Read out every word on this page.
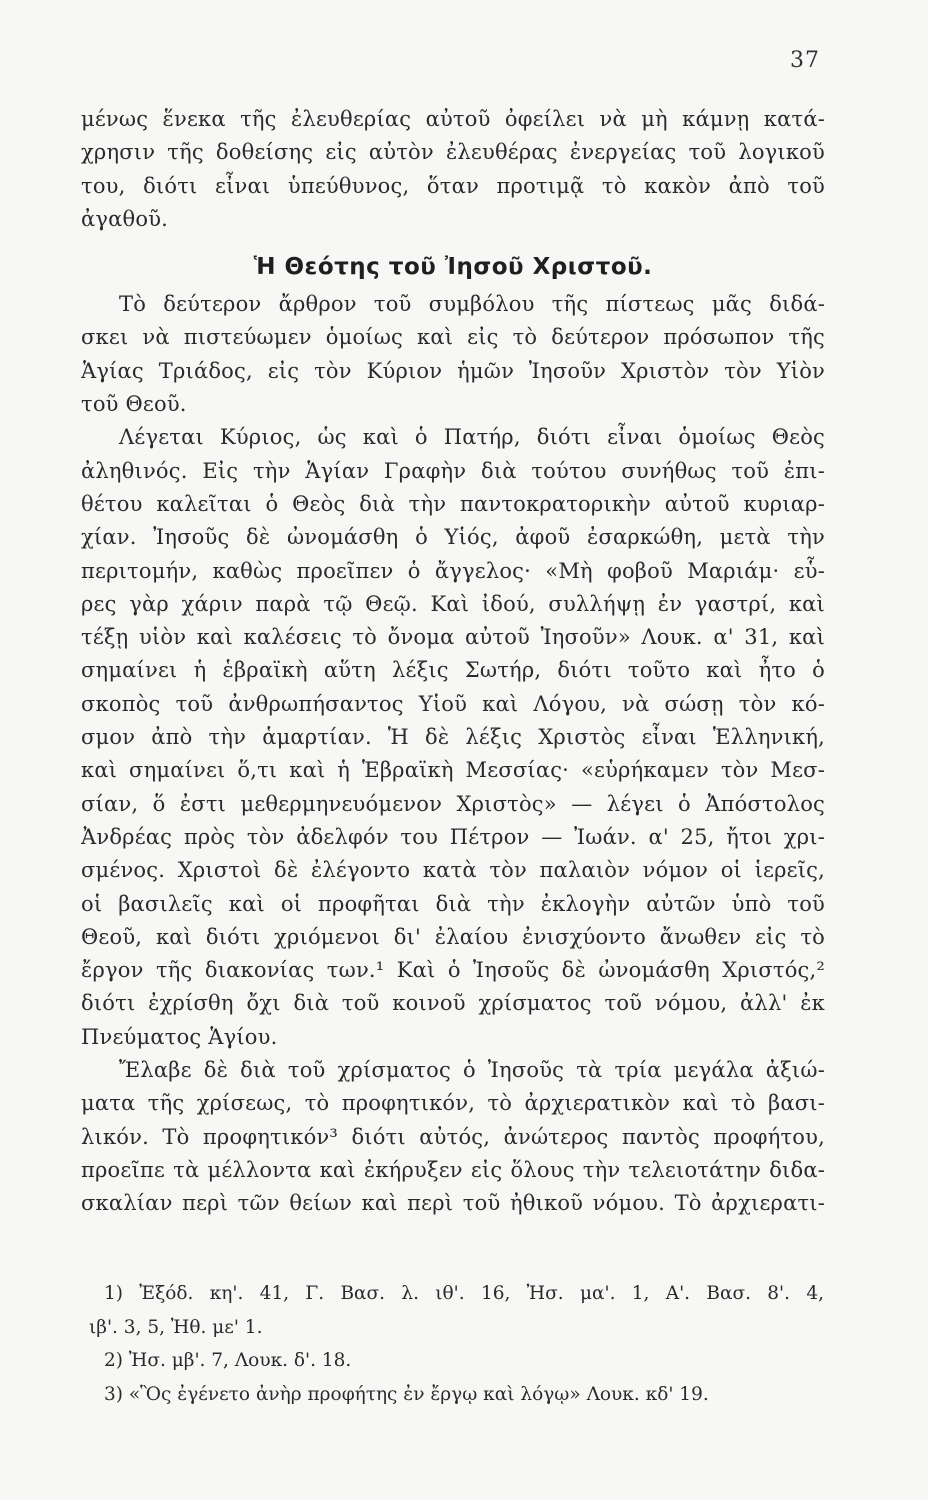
37
μένως ἕνεκα τῆς ἐλευθερίας αὐτοῦ ὀφείλει νὰ μὴ κάμνῃ κατά-
χρησιν τῆς δοθείσης εἰς αὐτὸν ἐλευθέρας ἐνεργείας τοῦ λογικοῦ
του, διότι εἶναι ὑπεύθυνος, ὅταν προτιμᾷ τὸ κακὸν ἀπὸ τοῦ
ἀγαθοῦ.
Ἡ Θεότης τοῦ Ἰησοῦ Χριστοῦ.
Τὸ δεύτερον ἄρθρον τοῦ συμβόλου τῆς πίστεως μᾶς διδά-
σκει νὰ πιστεύωμεν ὁμοίως καὶ εἰς τὸ δεύτερον πρόσωπον τῆς
Ἁγίας Τριάδος, εἰς τὸν Κύριον ἡμῶν Ἰησοῦν Χριστὸν τὸν Υἱὸν
τοῦ Θεοῦ.
Λέγεται Κύριος, ὡς καὶ ὁ Πατήρ, διότι εἶναι ὁμοίως Θεὸς
ἀληθινός. Εἰς τὴν Ἁγίαν Γραφὴν διὰ τούτου συνήθως τοῦ ἐπι-
θέτου καλεῖται ὁ Θεὸς διὰ τὴν παντοκρατορικὴν αὐτοῦ κυριαρ-
χίαν. Ἰησοῦς δὲ ὠνομάσθη ὁ Υἱός, ἀφοῦ ἐσαρκώθη, μετὰ τὴν
περιτομήν, καθὼς προεῖπεν ὁ ἄγγελος· «Μὴ φοβοῦ Μαριάμ· εὗ-
ρες γὰρ χάριν παρὰ τῷ Θεῷ. Καὶ ἰδού, συλλήψῃ ἐν γαστρί, καὶ
τέξῃ υἱὸν καὶ καλέσεις τὸ ὄνομα αὐτοῦ Ἰησοῦν» Λουκ. α' 31, καὶ
σημαίνει ἡ ἑβραϊκὴ αὕτη λέξις Σωτήρ, διότι τοῦτο καὶ ἦτο ὁ
σκοπὸς τοῦ ἀνθρωπήσαντος Υἱοῦ καὶ Λόγου, νὰ σώσῃ τὸν κό-
σμον ἀπὸ τὴν ἁμαρτίαν. Ἡ δὲ λέξις Χριστὸς εἶναι Ἑλληνική,
καὶ σημαίνει ὅ,τι καὶ ἡ Ἑβραϊκὴ Μεσσίας· «εὑρήκαμεν τὸν Μεσ-
σίαν, ὅ ἐστι μεθερμηνευόμενον Χριστὸς» — λέγει ὁ Ἀπόστολος
Ἀνδρέας πρὸς τὸν ἀδελφόν του Πέτρον — Ἰωάν. α' 25, ἤτοι χρι-
σμένος. Χριστοὶ δὲ ἐλέγοντο κατὰ τὸν παλαιὸν νόμον οἱ ἱερεῖς,
οἱ βασιλεῖς καὶ οἱ προφῆται διὰ τὴν ἐκλογὴν αὐτῶν ὑπὸ τοῦ
Θεοῦ, καὶ διότι χριόμενοι δι' ἐλαίου ἐνισχύοντο ἄνωθεν εἰς τὸ
ἔργον τῆς διακονίας των.¹ Καὶ ὁ Ἰησοῦς δὲ ὠνομάσθη Χριστός,²
διότι ἐχρίσθη ὄχι διὰ τοῦ κοινοῦ χρίσματος τοῦ νόμου, ἀλλ' ἐκ
Πνεύματος Ἁγίου.
Ἔλαβε δὲ διὰ τοῦ χρίσματος ὁ Ἰησοῦς τὰ τρία μεγάλα ἀξιώ-
ματα τῆς χρίσεως, τὸ προφητικόν, τὸ ἀρχιερατικὸν καὶ τὸ βασι-
λικόν. Τὸ προφητικόν³ διότι αὐτός, ἀνώτερος παντὸς προφήτου,
προεῖπε τὰ μέλλοντα καὶ ἐκήρυξεν εἰς ὅλους τὴν τελειοτάτην διδα-
σκαλίαν περὶ τῶν θείων καὶ περὶ τοῦ ἠθικοῦ νόμου. Τὸ ἀρχιερατι-
1) Ἐξόδ. κη'. 41, Γ. Βασ. λ. ιθ'. 16, Ἠσ. μα'. 1, Α'. Βασ. 8'. 4,
ιβ'. 3, 5, Ἠθ. με' 1.
2) Ἠσ. μβ'. 7, Λουκ. δ'. 18.
3) «Ὃς ἐγένετο ἀνὴρ προφήτης ἐν ἔργῳ καὶ λόγῳ» Λουκ. κδ' 19.
